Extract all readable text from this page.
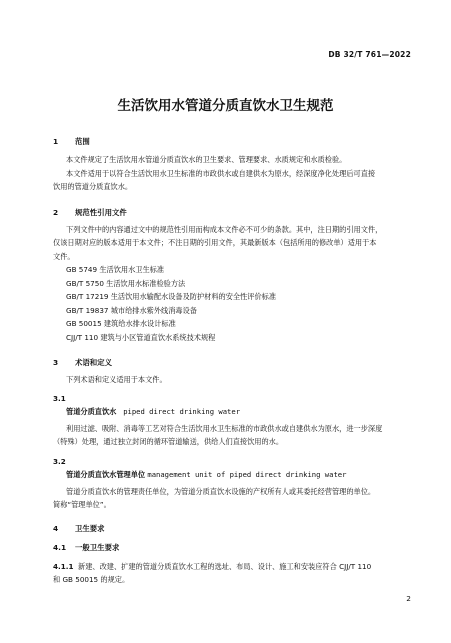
DB 32/T 761—2022
生活饮用水管道分质直饮水卫生规范
1 范围
本文件规定了生活饮用水管道分质直饮水的卫生要求、管理要求、水质规定和水质检验。
本文件适用于以符合生活饮用水卫生标准的市政供水或自建供水为原水，经深度净化处理后可直接
饮用的管道分质直饮水。
2 规范性引用文件
下列文件中的内容通过文中的规范性引用而构成本文件必不可少的条款。其中，注日期的引用文件，
仅该日期对应的版本适用于本文件；不注日期的引用文件，其最新版本（包括所用的修改单）适用于本
文件。
GB 5749 生活饮用水卫生标准
GB/T 5750 生活饮用水标准检验方法
GB/T 17219 生活饮用水输配水设备及防护材料的安全性评价标准
GB/T 19837 城市给排水紫外线消毒设备
GB 50015 建筑给水排水设计标准
CJJ/T 110 建筑与小区管道直饮水系统技术规程
3 术语和定义
下列术语和定义适用于本文件。
3.1
管道分质直饮水 piped direct drinking water
利用过滤、吸附、消毒等工艺对符合生活饮用水卫生标准的市政供水或自建供水为原水，进一步深度
（特殊）处理，通过独立封闭的循环管道输送，供给人们直接饮用的水。
3.2
管道分质直饮水管理单位 management unit of piped direct drinking water
管道分质直饮水的管理责任单位，为管道分质直饮水设施的产权所有人或其委托经营管理的单位。
简称“管理单位”。
4 卫生要求
4.1 一般卫生要求
4.1.1 新建、改建、扩建的管道分质直饮水工程的选址、布局、设计、施工和安装应符合 CJJ/T 110
和 GB 50015 的规定。
2
